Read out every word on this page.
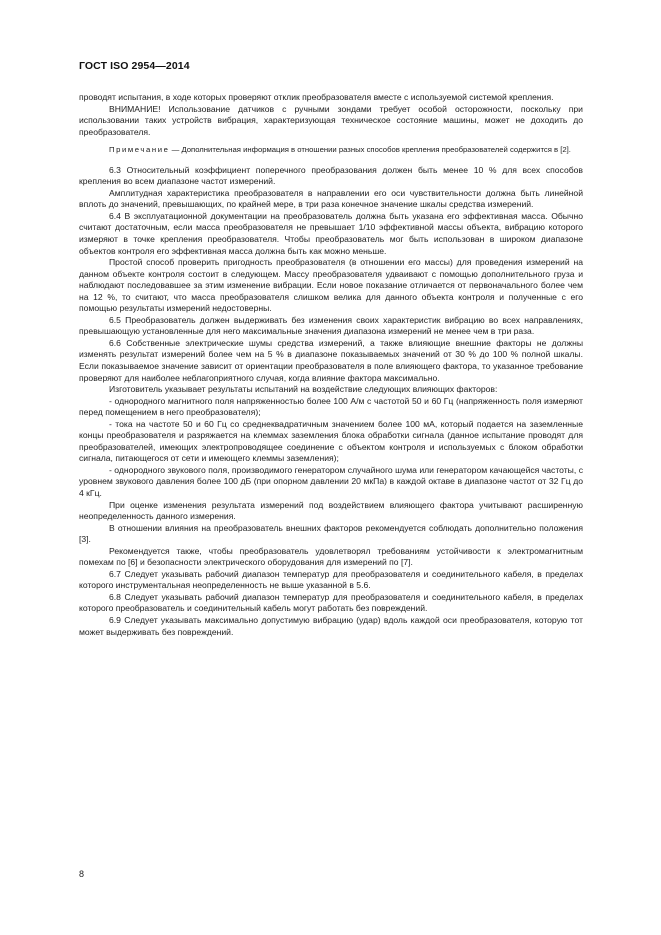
ГОСТ ISO 2954—2014

проводят испытания, в ходе которых проверяют отклик преобразователя вместе с используемой системой крепления.

ВНИМАНИЕ! Использование датчиков с ручными зондами требует особой осторожности, поскольку при использовании таких устройств вибрация, характеризующая техническое состояние машины, может не доходить до преобразователя.

Примечание — Дополнительная информация в отношении разных способов крепления преобразователей содержится в [2].

6.3 Относительный коэффициент поперечного преобразования должен быть менее 10 % для всех способов крепления во всем диапазоне частот измерений.

Амплитудная характеристика преобразователя в направлении его оси чувствительности должна быть линейной вплоть до значений, превышающих, по крайней мере, в три раза конечное значение шкалы средства измерений.

6.4 В эксплуатационной документации на преобразователь должна быть указана его эффективная масса. Обычно считают достаточным, если масса преобразователя не превышает 1/10 эффективной массы объекта, вибрацию которого измеряют в точке крепления преобразователя. Чтобы преобразователь мог быть использован в широком диапазоне объектов контроля его эффективная масса должна быть как можно меньше.

Простой способ проверить пригодность преобразователя (в отношении его массы) для проведения измерений на данном объекте контроля состоит в следующем. Массу преобразователя удваивают с помощью дополнительного груза и наблюдают последовавшее за этим изменение вибрации. Если новое показание отличается от первоначального более чем на 12 %, то считают, что масса преобразователя слишком велика для данного объекта контроля и полученные с его помощью результаты измерений недостоверны.

6.5 Преобразователь должен выдерживать без изменения своих характеристик вибрацию во всех направлениях, превышающую установленные для него максимальные значения диапазона измерений не менее чем в три раза.

6.6 Собственные электрические шумы средства измерений, а также влияющие внешние факторы не должны изменять результат измерений более чем на 5 % в диапазоне показываемых значений от 30 % до 100 % полной шкалы. Если показываемое значение зависит от ориентации преобразователя в поле влияющего фактора, то указанное требование проверяют для наиболее неблагоприятного случая, когда влияние фактора максимально.

Изготовитель указывает результаты испытаний на воздействие следующих влияющих факторов:

- однородного магнитного поля напряженностью более 100 А/м с частотой 50 и 60 Гц (напряженность поля измеряют перед помещением в него преобразователя);

- тока на частоте 50 и 60 Гц со среднеквадратичным значением более 100 мА, который подается на заземленные концы преобразователя и разряжается на клеммах заземления блока обработки сигнала (данное испытание проводят для преобразователей, имеющих электропроводящее соединение с объектом контроля и используемых с блоком обработки сигнала, питающегося от сети и имеющего клеммы заземления);

- однородного звукового поля, производимого генератором случайного шума или генератором качающейся частоты, с уровнем звукового давления более 100 дБ (при опорном давлении 20 мкПа) в каждой октаве в диапазоне частот от 32 Гц до 4 кГц.

При оценке изменения результата измерений под воздействием влияющего фактора учитывают расширенную неопределенность данного измерения.

В отношении влияния на преобразователь внешних факторов рекомендуется соблюдать дополнительно положения [3].

Рекомендуется также, чтобы преобразователь удовлетворял требованиям устойчивости к электромагнитным помехам по [6] и безопасности электрического оборудования для измерений по [7].

6.7 Следует указывать рабочий диапазон температур для преобразователя и соединительного кабеля, в пределах которого инструментальная неопределенность не выше указанной в 5.6.

6.8 Следует указывать рабочий диапазон температур для преобразователя и соединительного кабеля, в пределах которого преобразователь и соединительный кабель могут работать без повреждений.

6.9 Следует указывать максимально допустимую вибрацию (удар) вдоль каждой оси преобразователя, которую тот может выдерживать без повреждений.

8
